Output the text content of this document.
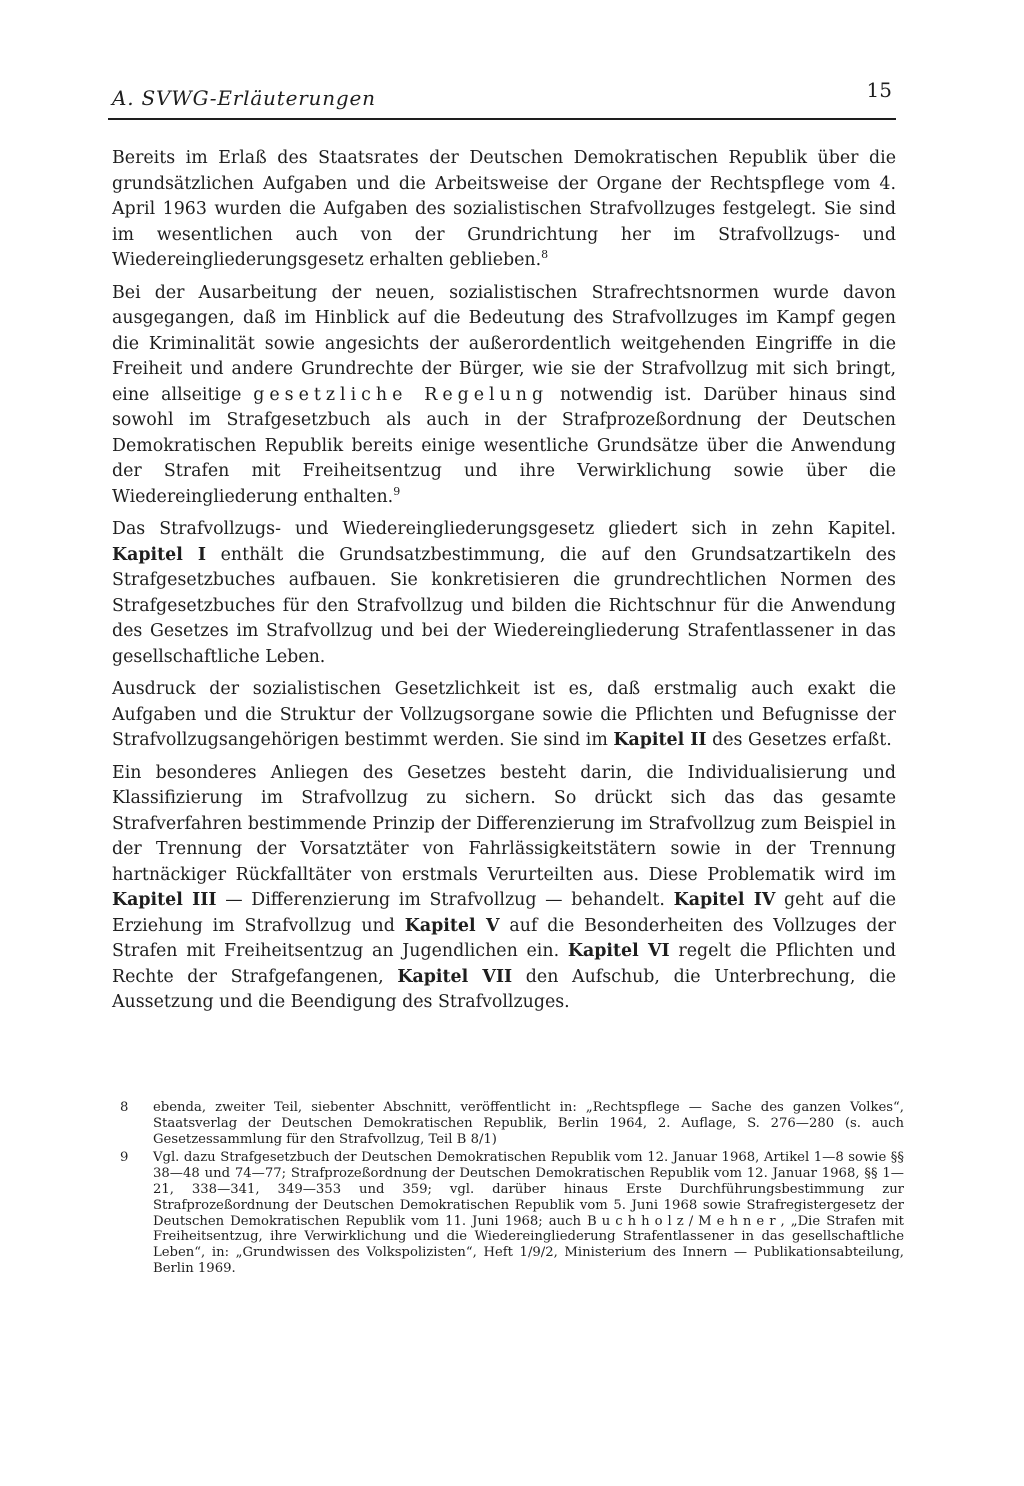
A. SVWG-Erläuterungen	15

Bereits im Erlaß des Staatsrates der Deutschen Demokratischen Republik über die grundsätzlichen Aufgaben und die Arbeitsweise der Organe der Rechtspflege vom 4. April 1963 wurden die Aufgaben des sozialistischen Strafvollzuges festgelegt. Sie sind im wesentlichen auch von der Grundrichtung her im Strafvollzugs- und Wiedereingliederungsgesetz erhalten geblieben.$^8$

Bei der Ausarbeitung der neuen, sozialistischen Strafrechtsnormen wurde davon ausgegangen, daß im Hinblick auf die Bedeutung des Strafvollzuges im Kampf gegen die Kriminalität sowie angesichts der außerordentlich weitgehenden Eingriffe in die Freiheit und andere Grundrechte der Bürger, wie sie der Strafvollzug mit sich bringt, eine allseitige gesetzliche Regelung notwendig ist. Darüber hinaus sind sowohl im Strafgesetzbuch als auch in der Strafprozeßordnung der Deutschen Demokratischen Republik bereits einige wesentliche Grundsätze über die Anwendung der Strafen mit Freiheitsentzug und ihre Verwirklichung sowie über die Wiedereingliederung enthalten.$^9$

Das Strafvollzugs- und Wiedereingliederungsgesetz gliedert sich in zehn Kapitel. Kapitel I enthält die Grundsatzbestimmung, die auf den Grundsatzartikeln des Strafgesetzbuches aufbauen. Sie konkretisieren die grundrechtlichen Normen des Strafgesetzbuches für den Strafvollzug und bilden die Richtschnur für die Anwendung des Gesetzes im Strafvollzug und bei der Wiedereingliederung Strafentlassener in das gesellschaftliche Leben.

Ausdruck der sozialistischen Gesetzlichkeit ist es, daß erstmalig auch exakt die Aufgaben und die Struktur der Vollzugsorgane sowie die Pflichten und Befugnisse der Strafvollzugsangehörigen bestimmt werden. Sie sind im Kapitel II des Gesetzes erfaßt.

Ein besonderes Anliegen des Gesetzes besteht darin, die Individualisierung und Klassifizierung im Strafvollzug zu sichern. So drückt sich das das gesamte Strafverfahren bestimmende Prinzip der Differenzierung im Strafvollzug zum Beispiel in der Trennung der Vorsatztäter von Fahrlässigkeitstätern sowie in der Trennung hartnäckiger Rückfalltäter von erstmals Verurteilten aus. Diese Problematik wird im Kapitel III — Differenzierung im Strafvollzug — behandelt. Kapitel IV geht auf die Erziehung im Strafvollzug und Kapitel V auf die Besonderheiten des Vollzuges der Strafen mit Freiheitsentzug an Jugendlichen ein. Kapitel VI regelt die Pflichten und Rechte der Strafgefangenen, Kapitel VII den Aufschub, die Unterbrechung, die Aussetzung und die Beendigung des Strafvollzuges.

8	ebenda, zweiter Teil, siebenter Abschnitt, veröffentlicht in: „Rechtspflege — Sache des ganzen Volkes“, Staatsverlag der Deutschen Demokratischen Republik, Berlin 1964, 2. Auflage, S. 276—280 (s. auch Gesetzessammlung für den Strafvollzug, Teil B 8/1)
9	Vgl. dazu Strafgesetzbuch der Deutschen Demokratischen Republik vom 12. Januar 1968, Artikel 1—8 sowie §§ 38—48 und 74—77; Strafprozeßordnung der Deutschen Demokratischen Republik vom 12. Januar 1968, §§ 1—21, 338—341, 349—353 und 359; vgl. darüber hinaus Erste Durchführungsbestimmung zur Strafprozeßordnung der Deutschen Demokratischen Republik vom 5. Juni 1968 sowie Strafregistergesetz der Deutschen Demokratischen Republik vom 11. Juni 1968; auch Buchholz/Mehner, „Die Strafen mit Freiheitsentzug, ihre Verwirklichung und die Wiedereingliederung Strafentlassener in das gesellschaftliche Leben“, in: „Grundwissen des Volkspolizisten“, Heft 1/9/2, Ministerium des Innern — Publikationsabteilung, Berlin 1969.
